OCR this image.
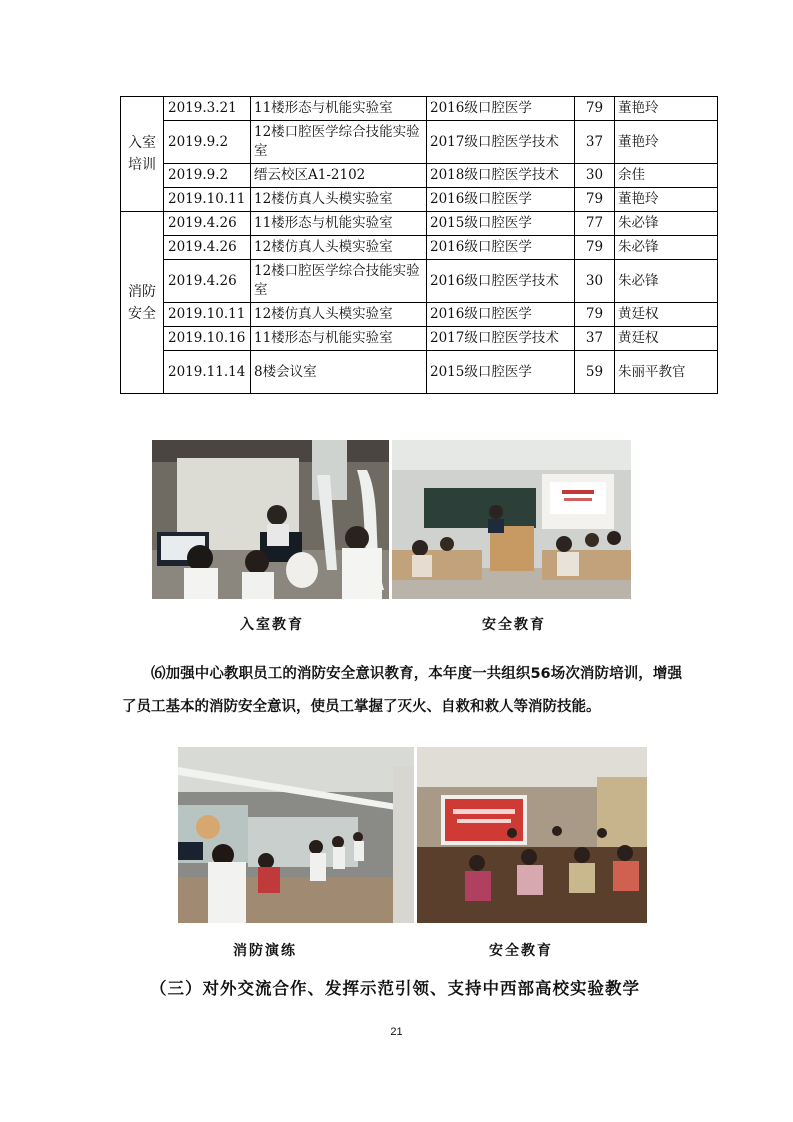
入室
培训	2019.3.21	11楼形态与机能实验室	2016级口腔医学	79	董艳玲
	2019.9.2	12楼口腔医学综合技能实验室	2017级口腔医学技术	37	董艳玲
	2019.9.2	缙云校区A1-2102	2018级口腔医学技术	30	余佳
	2019.10.11	12楼仿真人头模实验室	2016级口腔医学	79	董艳玲
消防
安全	2019.4.26	11楼形态与机能实验室	2015级口腔医学	77	朱必锋
	2019.4.26	12楼仿真人头模实验室	2016级口腔医学	79	朱必锋
	2019.4.26	12楼口腔医学综合技能实验室	2016级口腔医学技术	30	朱必锋
	2019.10.11	12楼仿真人头模实验室	2016级口腔医学	79	黄廷权
	2019.10.16	11楼形态与机能实验室	2017级口腔医学技术	37	黄廷权
	2019.11.14	8楼会议室	2015级口腔医学	59	朱丽平教官
入室教育	安全教育

⑹加强中心教职员工的消防安全意识教育，本年度一共组织56场次消防培训，增强了员工基本的消防安全意识，使员工掌握了灭火、自救和救人等消防技能。

消防演练	安全教育
（三）对外交流合作、发挥示范引领、支持中西部高校实验教学
21
